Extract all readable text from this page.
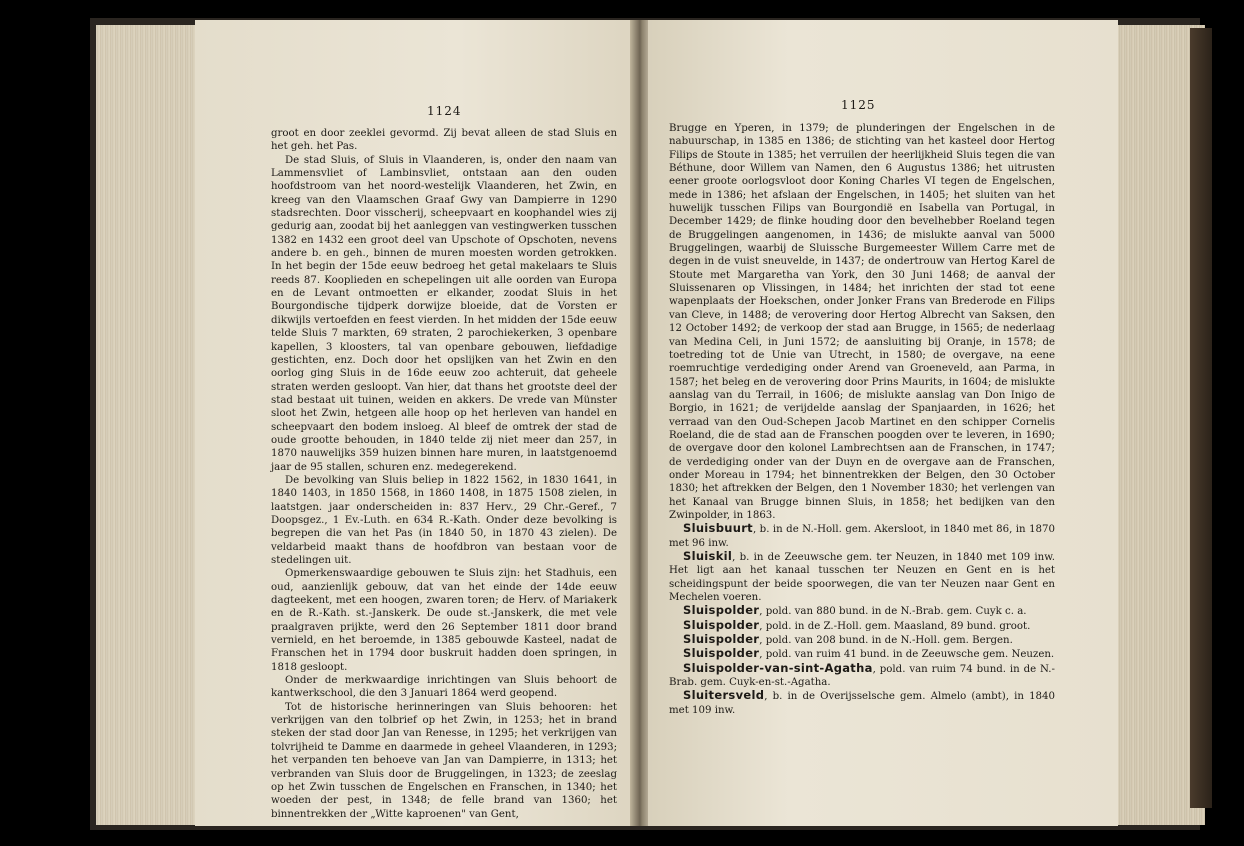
1124

groot en door zeeklei gevormd. Zij bevat alleen de stad Sluis en het geh. het Pas.

De stad Sluis, of Sluis in Vlaanderen, is, onder den naam van Lammensvliet of Lambinsvliet, ontstaan aan den ouden hoofdstroom van het noord-westelijk Vlaanderen, het Zwin, en kreeg van den Vlaamschen Graaf Gwy van Dampierre in 1290 stadsrechten. Door visscherij, scheepvaart en koophandel wies zij gedurig aan, zoodat bij het aanleggen van vestingwerken tusschen 1382 en 1432 een groot deel van Upschote of Opschoten, nevens andere b. en geh., binnen de muren moesten worden getrokken. In het begin der 15de eeuw bedroeg het getal makelaars te Sluis reeds 87. Kooplieden en schepelingen uit alle oorden van Europa en de Levant ontmoetten er elkander, zoodat Sluis in het Bourgondische tijdperk dorwijze bloeide, dat de Vorsten er dikwijls vertoefden en feest vierden. In het midden der 15de eeuw telde Sluis 7 markten, 69 straten, 2 parochiekerken, 3 openbare kapellen, 3 kloosters, tal van openbare gebouwen, liefdadige gestichten, enz. Doch door het opslijken van het Zwin en den oorlog ging Sluis in de 16de eeuw zoo achteruit, dat geheele straten werden gesloopt. Van hier, dat thans het grootste deel der stad bestaat uit tuinen, weiden en akkers. De vrede van Münster sloot het Zwin, hetgeen alle hoop op het herleven van handel en scheepvaart den bodem insloeg. Al bleef de omtrek der stad de oude grootte behouden, in 1840 telde zij niet meer dan 257, in 1870 nauwelijks 359 huizen binnen hare muren, in laatstgenoemd jaar de 95 stallen, schuren enz. medegerekend.

De bevolking van Sluis beliep in 1822 1562, in 1830 1641, in 1840 1403, in 1850 1568, in 1860 1408, in 1875 1508 zielen, in laatstgen. jaar onderscheiden in: 837 Herv., 29 Chr.-Geref., 7 Doopsgez., 1 Ev.-Luth. en 634 R.-Kath. Onder deze bevolking is begrepen die van het Pas (in 1840 50, in 1870 43 zielen). De veldarbeid maakt thans de hoofdbron van bestaan voor de stedelingen uit.

Opmerkenswaardige gebouwen te Sluis zijn: het Stadhuis, een oud, aanzienlijk gebouw, dat van het einde der 14de eeuw dagteekent, met een hoogen, zwaren toren; de Herv. of Mariakerk en de R.-Kath. st.-Janskerk. De oude st.-Janskerk, die met vele praalgraven prijkte, werd den 26 September 1811 door brand vernield, en het beroemde, in 1385 gebouwde Kasteel, nadat de Franschen het in 1794 door buskruit hadden doen springen, in 1818 gesloopt.

Onder de merkwaardige inrichtingen van Sluis behoort de kantwerkschool, die den 3 Januari 1864 werd geopend.

Tot de historische herinneringen van Sluis behooren: het verkrijgen van den tolbrief op het Zwin, in 1253; het in brand steken der stad door Jan van Renesse, in 1295; het verkrijgen van tolvrijheid te Damme en daarmede in geheel Vlaanderen, in 1293; het verpanden ten behoeve van Jan van Dampierre, in 1313; het verbranden van Sluis door de Bruggelingen, in 1323; de zeeslag op het Zwin tusschen de Engelschen en Franschen, in 1340; het woeden der pest, in 1348; de felle brand van 1360; het binnentrekken der „Witte kaproenen" van Gent,

1125

Brugge en Yperen, in 1379; de plunderingen der Engelschen in de nabuurschap, in 1385 en 1386; de stichting van het kasteel door Hertog Filips de Stoute in 1385; het verruilen der heerlijkheid Sluis tegen die van Béthune, door Willem van Namen, den 6 Augustus 1386; het uitrusten eener groote oorlogsvloot door Koning Charles VI tegen de Engelschen, mede in 1386; het afslaan der Engelschen, in 1405; het sluiten van het huwelijk tusschen Filips van Bourgondië en Isabella van Portugal, in December 1429; de flinke houding door den bevelhebber Roeland tegen de Bruggelingen aangenomen, in 1436; de mislukte aanval van 5000 Bruggelingen, waarbij de Sluissche Burgemeester Willem Carre met de degen in de vuist sneuvelde, in 1437; de ondertrouw van Hertog Karel de Stoute met Margaretha van York, den 30 Juni 1468; de aanval der Sluissenaren op Vlissingen, in 1484; het inrichten der stad tot eene wapenplaats der Hoekschen, onder Jonker Frans van Brederode en Filips van Cleve, in 1488; de verovering door Hertog Albrecht van Saksen, den 12 October 1492; de verkoop der stad aan Brugge, in 1565; de nederlaag van Medina Celi, in Juni 1572; de aansluiting bij Oranje, in 1578; de toetreding tot de Unie van Utrecht, in 1580; de overgave, na eene roemruchtige verdediging onder Arend van Groeneveld, aan Parma, in 1587; het beleg en de verovering door Prins Maurits, in 1604; de mislukte aanslag van du Terrail, in 1606; de mislukte aanslag van Don Inigo de Borgio, in 1621; de verijdelde aanslag der Spanjaarden, in 1626; het verraad van den Oud-Schepen Jacob Martinet en den schipper Cornelis Roeland, die de stad aan de Franschen poogden over te leveren, in 1690; de overgave door den kolonel Lambrechtsen aan de Franschen, in 1747; de verdediging onder van der Duyn en de overgave aan de Franschen, onder Moreau in 1794; het binnentrekken der Belgen, den 30 October 1830; het aftrekken der Belgen, den 1 November 1830; het verlengen van het Kanaal van Brugge binnen Sluis, in 1858; het bedijken van den Zwinpolder, in 1863.

Sluisbuurt, b. in de N.-Holl. gem. Akersloot, in 1840 met 86, in 1870 met 96 inw.

Sluiskil, b. in de Zeeuwsche gem. ter Neuzen, in 1840 met 109 inw. Het ligt aan het kanaal tusschen ter Neuzen en Gent en is het scheidingspunt der beide spoorwegen, die van ter Neuzen naar Gent en Mechelen voeren.

Sluispolder, pold. van 880 bund. in de N.-Brab. gem. Cuyk c. a.

Sluispolder, pold. in de Z.-Holl. gem. Maasland, 89 bund. groot.

Sluispolder, pold. van 208 bund. in de N.-Holl. gem. Bergen.

Sluispolder, pold. van ruim 41 bund. in de Zeeuwsche gem. Neuzen.

Sluispolder-van-sint-Agatha, pold. van ruim 74 bund. in de N.-Brab. gem. Cuyk-en-st.-Agatha.

Sluitersveld, b. in de Overijsselsche gem. Almelo (ambt), in 1840 met 109 inw.
